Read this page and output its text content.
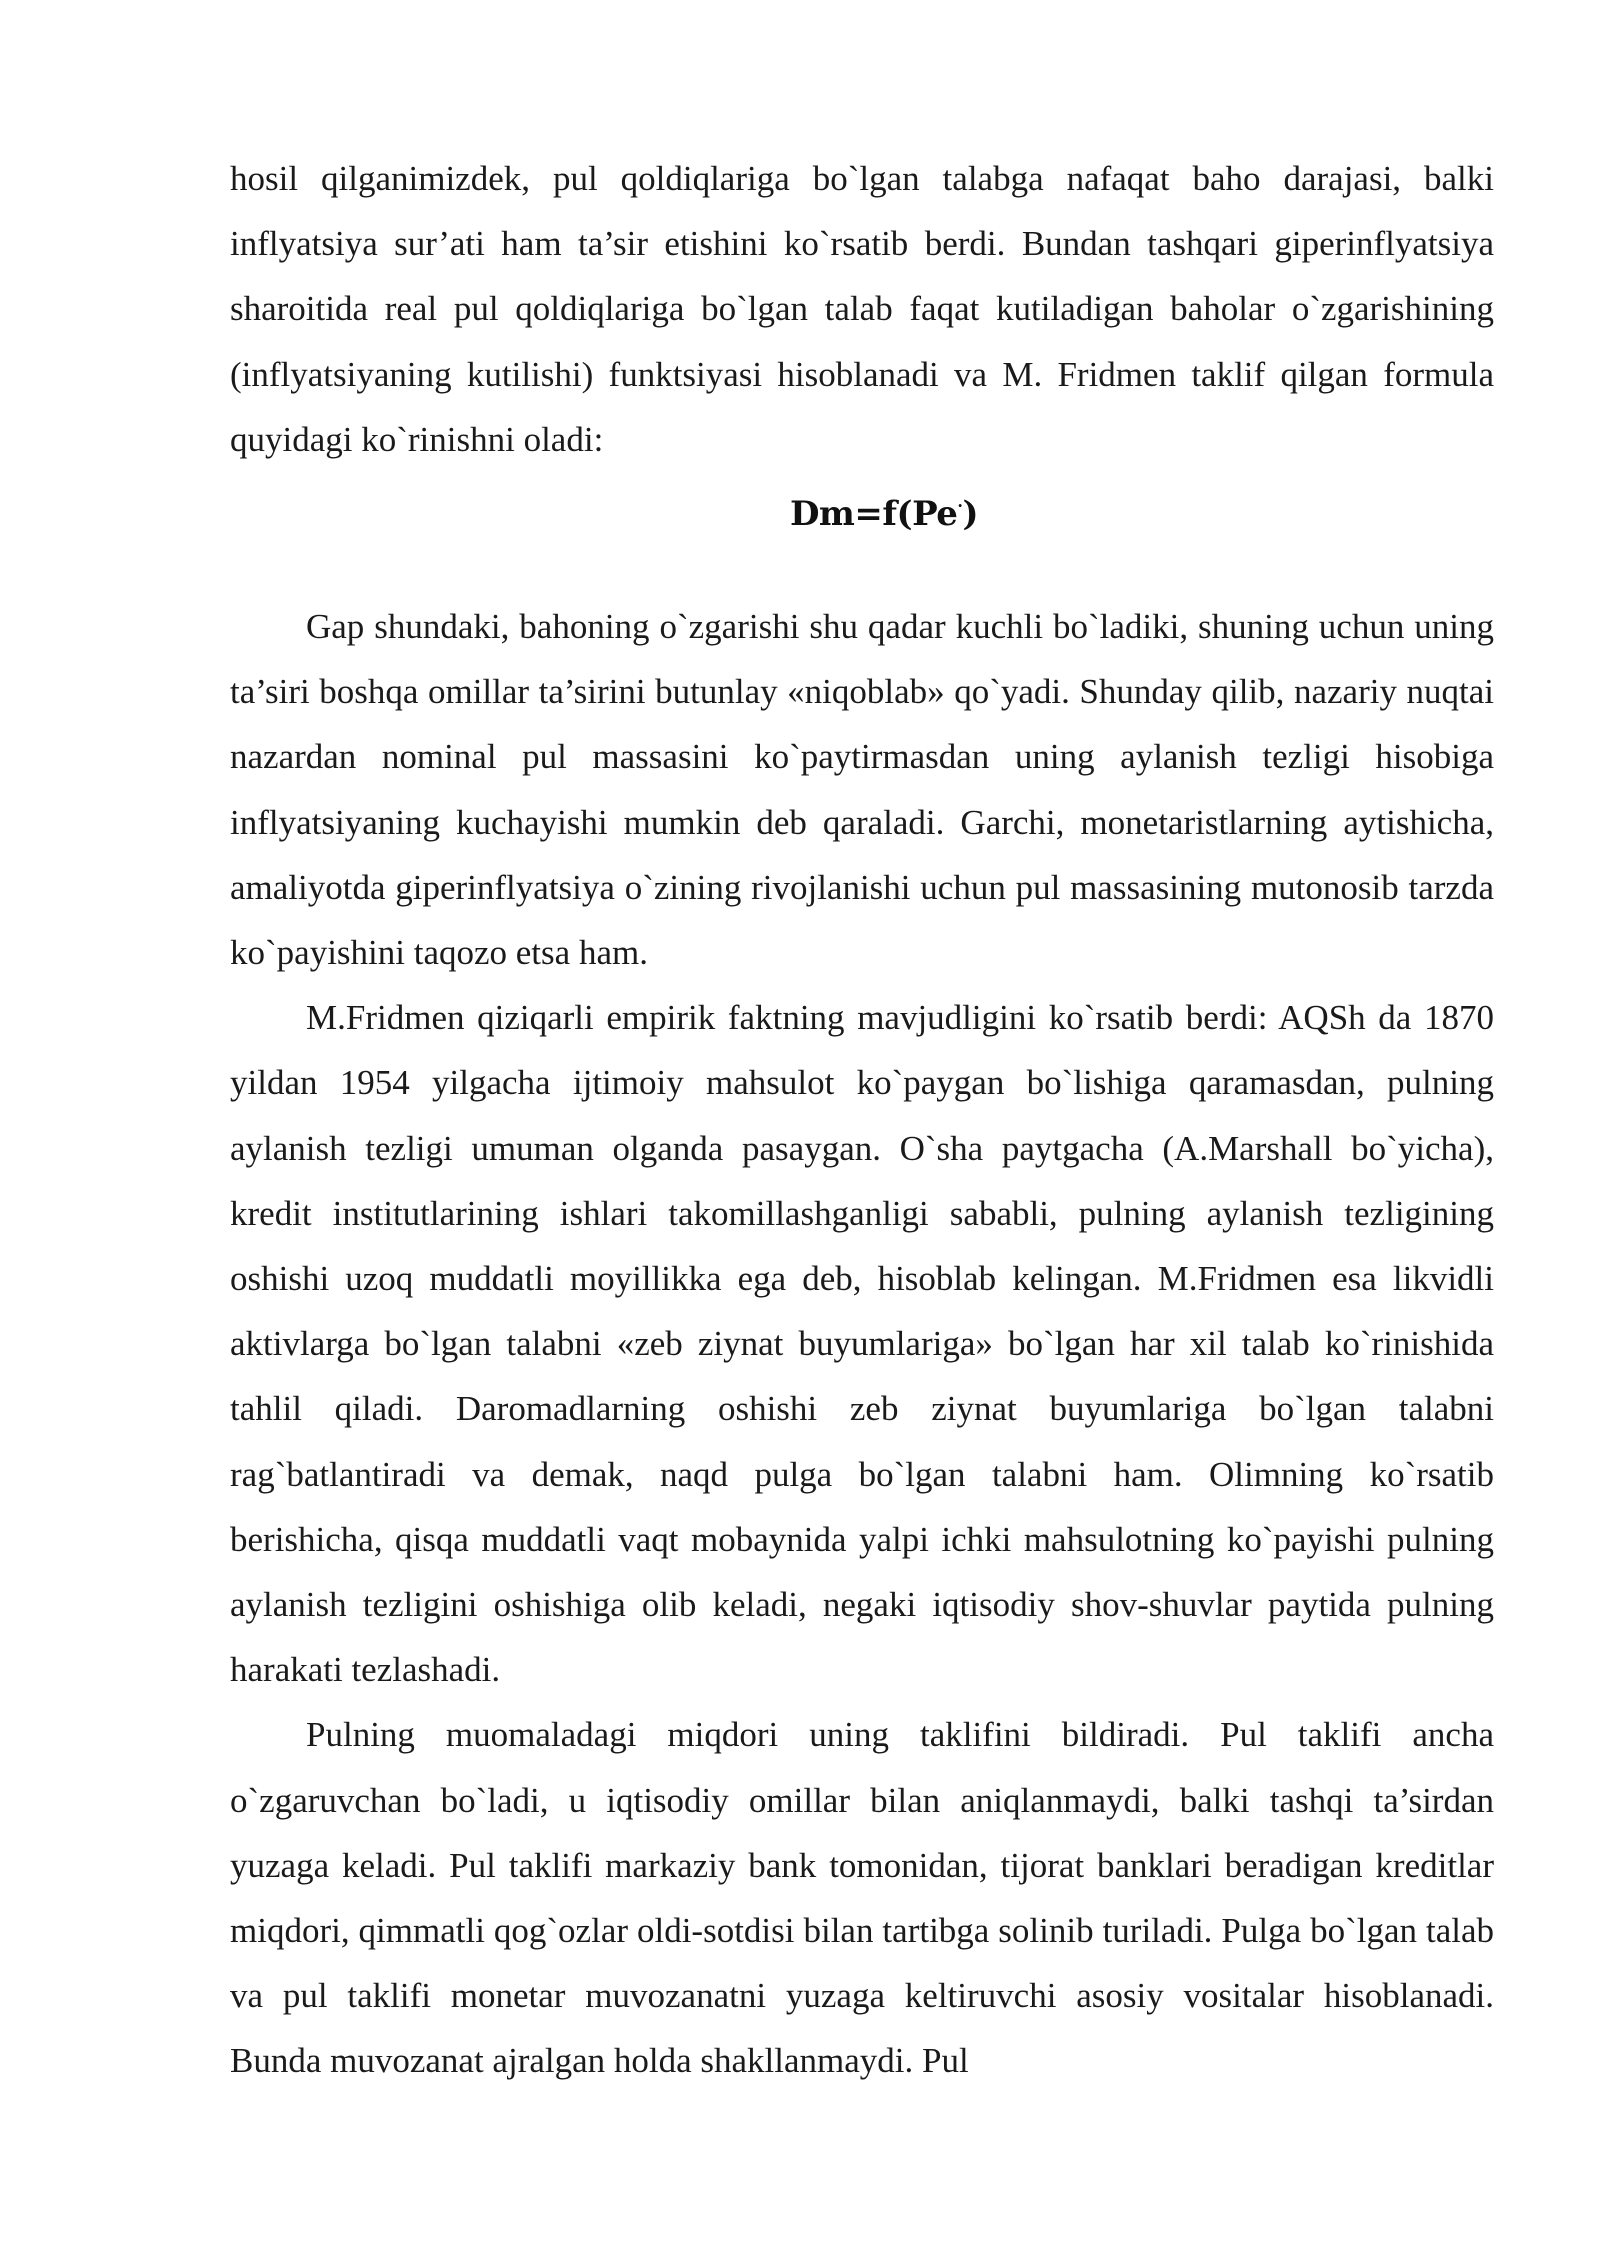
hosil qilganimizdek, pul qoldiqlariga bo`lgan talabga nafaqat baho darajasi, balki inflyatsiya sur’ati ham ta’sir etishini ko`rsatib berdi. Bundan tashqari giperinflyatsiya sharoitida real pul qoldiqlariga bo`lgan talab faqat kutiladigan baholar o`zgarishining (inflyatsiyaning kutilishi) funktsiyasi hisoblanadi va M. Fridmen taklif qilgan formula quyidagi ko`rinishni oladi:

Dm=f(Pe·)

Gap shundaki, bahoning o`zgarishi shu qadar kuchli bo`ladiki, shuning uchun uning ta’siri boshqa omillar ta’sirini butunlay «niqoblab» qo`yadi. Shunday qilib, nazariy nuqtai nazardan nominal pul massasini ko`paytirmasdan uning aylanish tezligi hisobiga inflyatsiyaning kuchayishi mumkin deb qaraladi. Garchi, monetaristlarning aytishicha, amaliyotda giperinflyatsiya o`zining rivojlanishi uchun pul massasining mutonosib tarzda ko`payishini taqozo etsa ham.

M.Fridmen qiziqarli empirik faktning mavjudligini ko`rsatib berdi: AQSh da 1870 yildan 1954 yilgacha ijtimoiy mahsulot ko`paygan bo`lishiga qaramasdan, pulning aylanish tezligi umuman olganda pasaygan. O`sha paytgacha (A.Marshall bo`yicha), kredit institutlarining ishlari takomillashganligi sababli, pulning aylanish tezligining oshishi uzoq muddatli moyillikka ega deb, hisoblab kelingan. M.Fridmen esa likvidli aktivlarga bo`lgan talabni «zeb ziynat buyumlariga» bo`lgan har xil talab ko`rinishida tahlil qiladi. Daromadlarning oshishi zeb ziynat buyumlariga bo`lgan talabni rag`batlantiradi va demak, naqd pulga bo`lgan talabni ham. Olimning ko`rsatib berishicha, qisqa muddatli vaqt mobaynida yalpi ichki mahsulotning ko`payishi pulning aylanish tezligini oshishiga olib keladi, negaki iqtisodiy shov-shuvlar paytida pulning harakati tezlashadi.

Pulning muomaladagi miqdori uning taklifini bildiradi. Pul taklifi ancha o`zgaruvchan bo`ladi, u iqtisodiy omillar bilan aniqlanmaydi, balki tashqi ta’sirdan yuzaga keladi. Pul taklifi markaziy bank tomonidan, tijorat banklari beradigan kreditlar miqdori, qimmatli qog`ozlar oldi-sotdisi bilan tartibga solinib turiladi. Pulga bo`lgan talab va pul taklifi monetar muvozanatni yuzaga keltiruvchi asosiy vositalar hisoblanadi. Bunda muvozanat ajralgan holda shakllanmaydi. Pul
